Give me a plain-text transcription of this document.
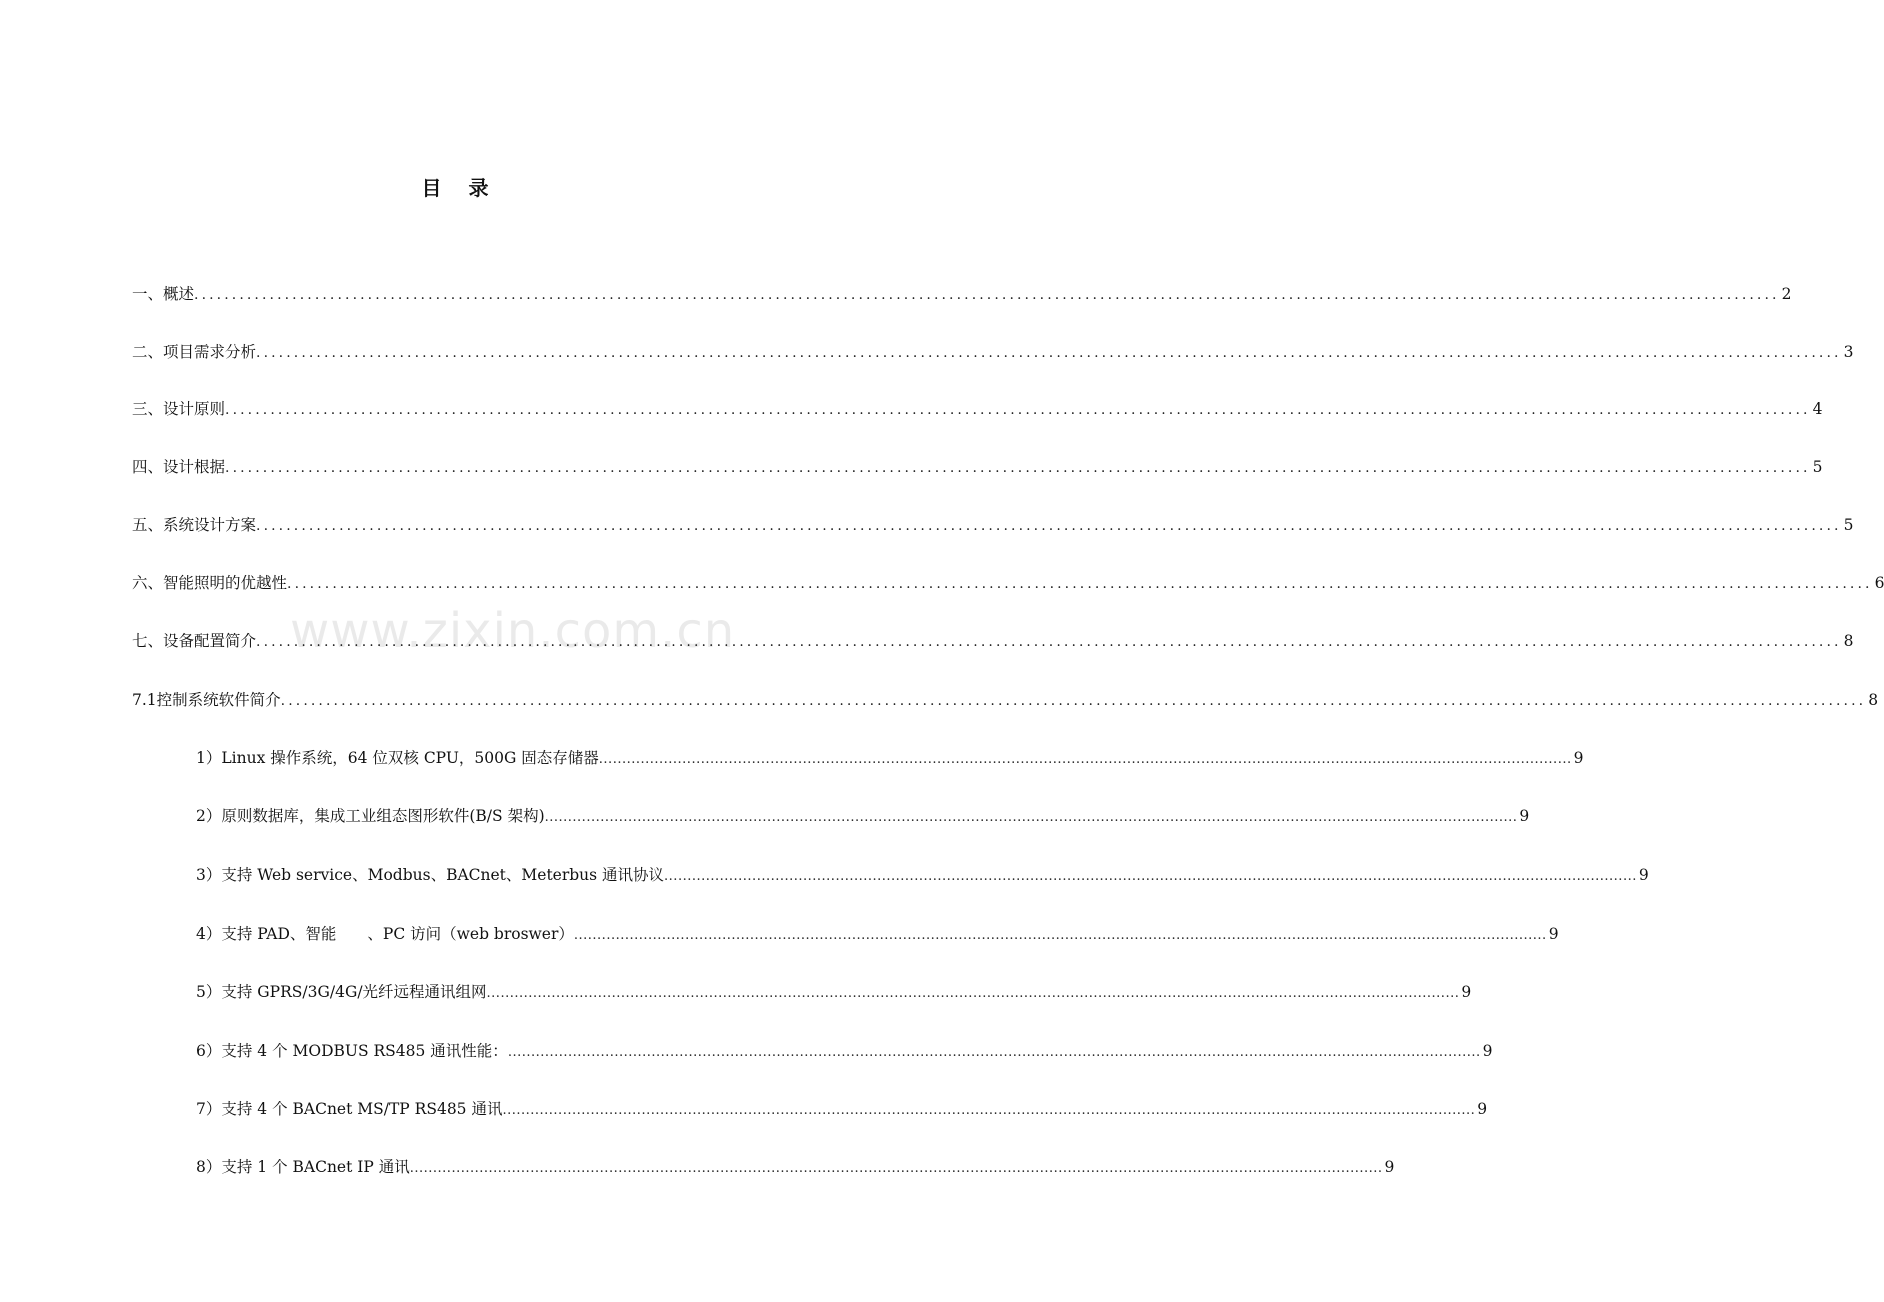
www.zixin.com.cn
目 录
一、 概述 .................................................................................................................................................................................................................. 2
二、 项目需求分析 .................................................................................................................................................................................................................. 3
三、设计原则 .................................................................................................................................................................................................................. 4
四、设计根据 .................................................................................................................................................................................................................. 5
五、系统设计方案 .................................................................................................................................................................................................................. 5
六、智能照明的优越性 .................................................................................................................................................................................................................. 6
七、 设备配置简介 .................................................................................................................................................................................................................. 8
7.1 控制系统软件简介 .................................................................................................................................................................................................................. 8
1）Linux 操作系统，64 位双核 CPU，500G 固态存储器 .................................................................................................................................................................................................................. 9
2）原则数据库，集成工业组态图形软件(B/S 架构) .................................................................................................................................................................................................................. 9
3）支持 Web service、Modbus、BACnet、Meterbus 通讯协议 .................................................................................................................................................................................................................. 9
4）支持 PAD、智能　　、PC 访问（web broswer） .................................................................................................................................................................................................................. 9
5）支持 GPRS/3G/4G/光纤远程通讯组网 .................................................................................................................................................................................................................. 9
6）支持 4 个 MODBUS RS485 通讯性能： .................................................................................................................................................................................................................. 9
7）支持 4 个 BACnet MS/TP RS485 通讯 .................................................................................................................................................................................................................. 9
8）支持 1 个 BACnet IP 通讯 .................................................................................................................................................................................................................. 9
